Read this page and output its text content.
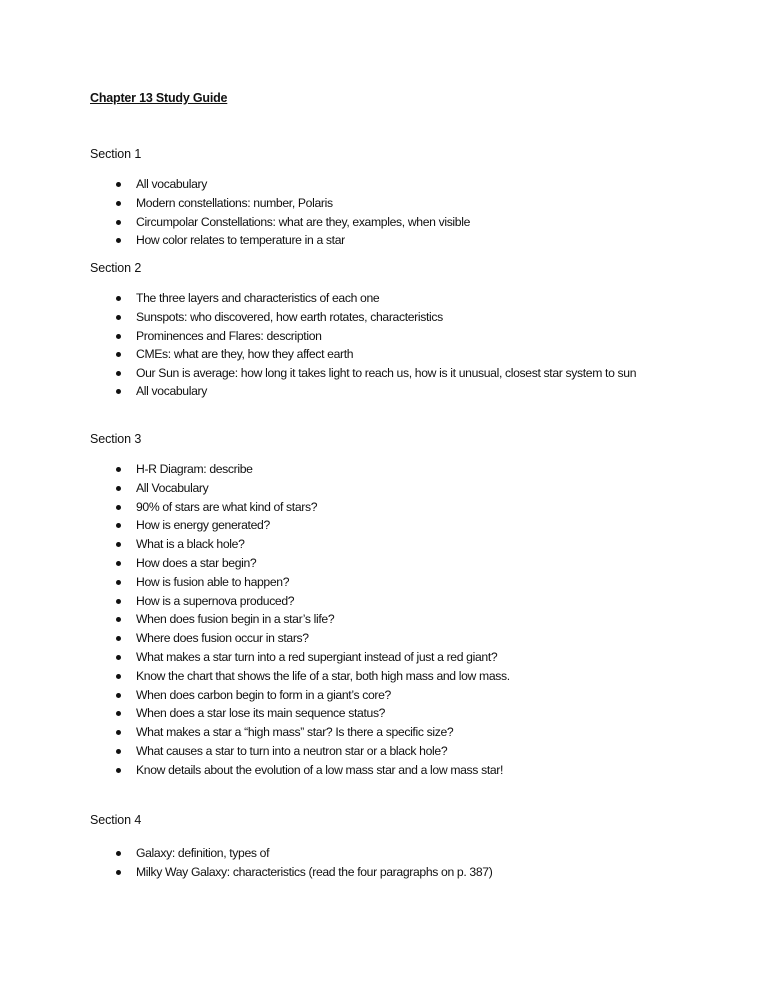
Chapter 13 Study Guide

Section 1

All vocabulary
Modern constellations: number, Polaris
Circumpolar Constellations: what are they, examples, when visible
How color relates to temperature in a star

Section 2

The three layers and characteristics of each one
Sunspots: who discovered, how earth rotates, characteristics
Prominences and Flares: description
CMEs: what are they, how they affect earth
Our Sun is average: how long it takes light to reach us, how is it unusual, closest star system to sun
All vocabulary

Section 3

H-R Diagram: describe
All Vocabulary
90% of stars are what kind of stars?
How is energy generated?
What is a black hole?
How does a star begin?
How is fusion able to happen?
How is a supernova produced?
When does fusion begin in a star’s life?
Where does fusion occur in stars?
What makes a star turn into a red supergiant instead of just a red giant?
Know the chart that shows the life of a star, both high mass and low mass.
When does carbon begin to form in a giant’s core?
When does a star lose its main sequence status?
What makes a star a “high mass” star? Is there a specific size?
What causes a star to turn into a neutron star or a black hole?
Know details about the evolution of a low mass star and a low mass star!

Section 4

Galaxy: definition, types of
Milky Way Galaxy: characteristics (read the four paragraphs on p. 387)
